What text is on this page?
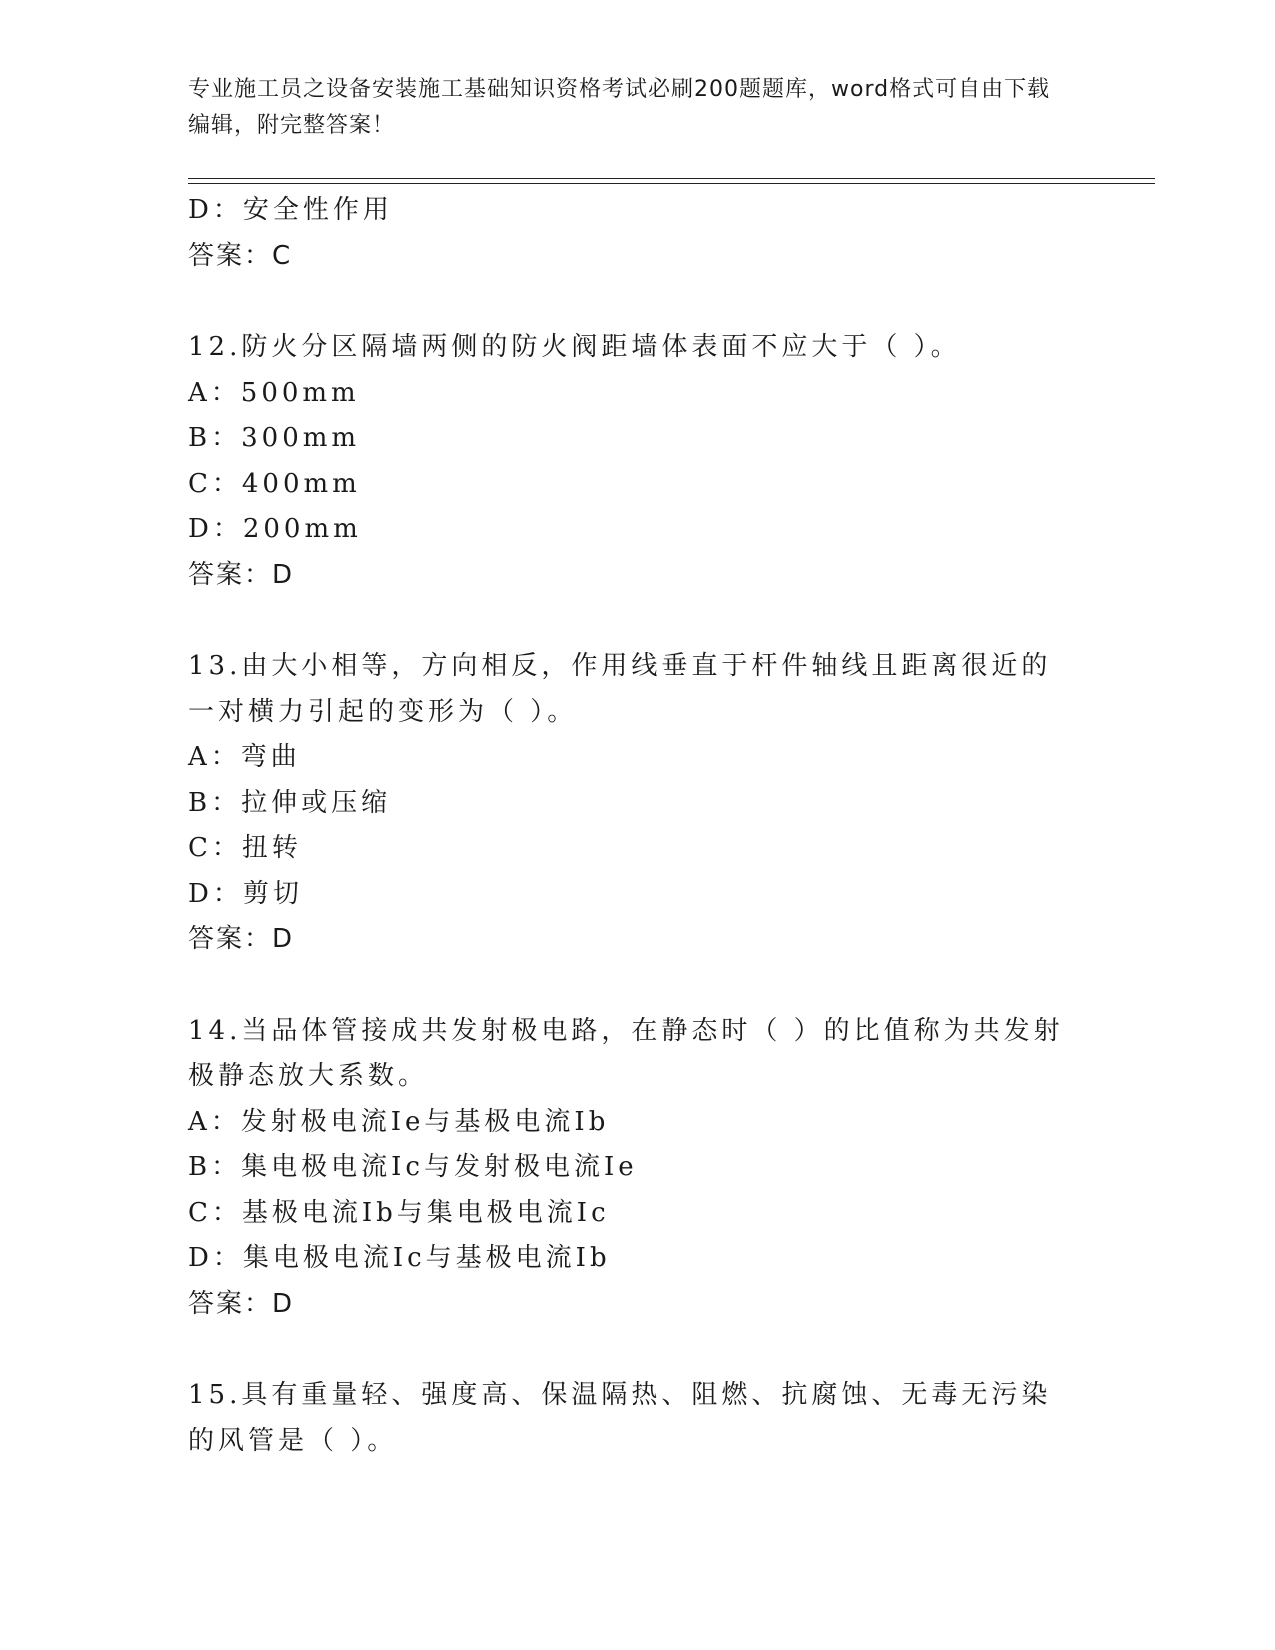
专业施工员之设备安装施工基础知识资格考试必刷200题题库，word格式可自由下载编辑，附完整答案！
D：安全性作用
答案：C
12.防火分区隔墙两侧的防火阀距墙体表面不应大于（ ）。
A：500mm
B：300mm
C：400mm
D：200mm
答案：D
13.由大小相等，方向相反，作用线垂直于杆件轴线且距离很近的一对横力引起的变形为（ ）。
A：弯曲
B：拉伸或压缩
C：扭转
D：剪切
答案：D
14.当品体管接成共发射极电路，在静态时（ ）的比值称为共发射极静态放大系数。
A：发射极电流Ie与基极电流Ib
B：集电极电流Ic与发射极电流Ie
C：基极电流Ib与集电极电流Ic
D：集电极电流Ic与基极电流Ib
答案：D
15.具有重量轻、强度高、保温隔热、阻燃、抗腐蚀、无毒无污染的风管是（ ）。
